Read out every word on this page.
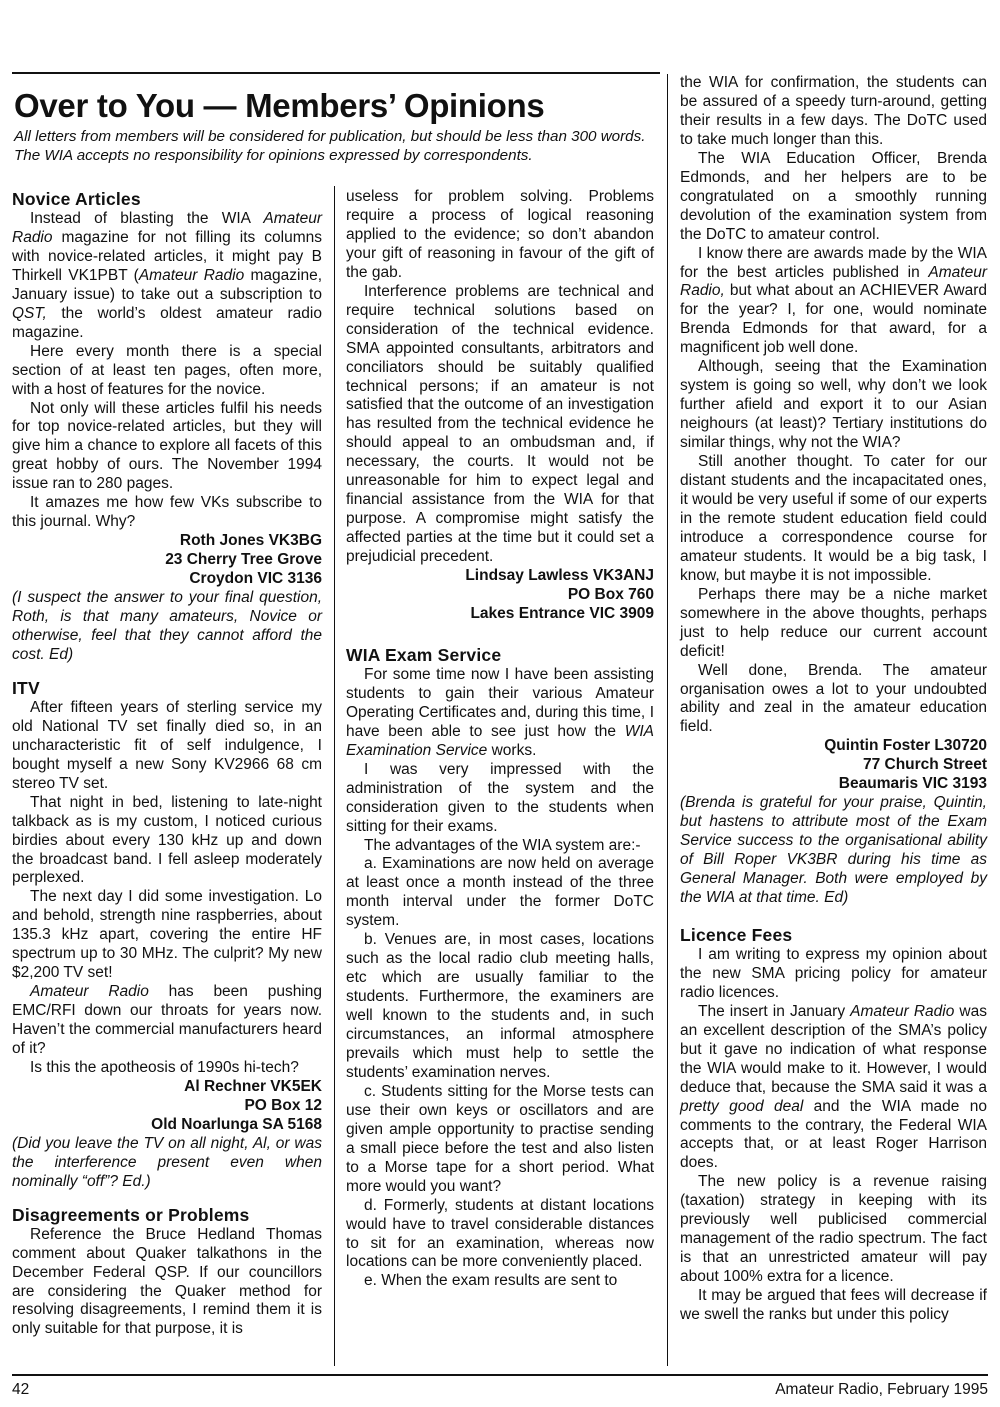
Over to You — Members’ Opinions

All letters from members will be considered for publication, but should be less than 300 words. The WIA accepts no responsibility for opinions expressed by correspondents.

Novice Articles

Instead of blasting the WIA Amateur Radio magazine for not filling its columns with novice-related articles, it might pay B Thirkell VK1PBT (Amateur Radio magazine, January issue) to take out a subscription to QST, the world’s oldest amateur radio magazine.

Here every month there is a special section of at least ten pages, often more, with a host of features for the novice.

Not only will these articles fulfil his needs for top novice-related articles, but they will give him a chance to explore all facets of this great hobby of ours. The November 1994 issue ran to 280 pages.

It amazes me how few VKs subscribe to this journal. Why?

Roth Jones VK3BG
23 Cherry Tree Grove
Croydon VIC 3136

(I suspect the answer to your final question, Roth, is that many amateurs, Novice or otherwise, feel that they cannot afford the cost. Ed)

ITV

After fifteen years of sterling service my old National TV set finally died so, in an uncharacteristic fit of self indulgence, I bought myself a new Sony KV2966 68 cm stereo TV set.

That night in bed, listening to late-night talkback as is my custom, I noticed curious birdies about every 130 kHz up and down the broadcast band. I fell asleep moderately perplexed.

The next day I did some investigation. Lo and behold, strength nine raspberries, about 135.3 kHz apart, covering the entire HF spectrum up to 30 MHz. The culprit? My new $2,200 TV set!

Amateur Radio has been pushing EMC/RFI down our throats for years now. Haven’t the commercial manufacturers heard of it?

Is this the apotheosis of 1990s hi-tech?

Al Rechner VK5EK
PO Box 12
Old Noarlunga SA 5168

(Did you leave the TV on all night, Al, or was the interference present even when nominally “off”? Ed.)

Disagreements or Problems

Reference the Bruce Hedland Thomas comment about Quaker talkathons in the December Federal QSP. If our councillors are considering the Quaker method for resolving disagreements, I remind them it is only suitable for that purpose, it is

useless for problem solving. Problems require a process of logical reasoning applied to the evidence; so don’t abandon your gift of reasoning in favour of the gift of the gab.

Interference problems are technical and require technical solutions based on consideration of the technical evidence. SMA appointed consultants, arbitrators and conciliators should be suitably qualified technical persons; if an amateur is not satisfied that the outcome of an investigation has resulted from the technical evidence he should appeal to an ombudsman and, if necessary, the courts. It would not be unreasonable for him to expect legal and financial assistance from the WIA for that purpose. A compromise might satisfy the affected parties at the time but it could set a prejudicial precedent.

Lindsay Lawless VK3ANJ
PO Box 760
Lakes Entrance VIC 3909
WIA Exam Service

For some time now I have been assisting students to gain their various Amateur Operating Certificates and, during this time, I have been able to see just how the WIA Examination Service works.

I was very impressed with the administration of the system and the consideration given to the students when sitting for their exams.

The advantages of the WIA system are:-

a. Examinations are now held on average at least once a month instead of the three month interval under the former DoTC system.

b. Venues are, in most cases, locations such as the local radio club meeting halls, etc which are usually familiar to the students. Furthermore, the examiners are well known to the students and, in such circumstances, an informal atmosphere prevails which must help to settle the students’ examination nerves.

c. Students sitting for the Morse tests can use their own keys or oscillators and are given ample opportunity to practise sending a small piece before the test and also listen to a Morse tape for a short period. What more would you want?

d. Formerly, students at distant locations would have to travel considerable distances to sit for an examination, whereas now locations can be more conveniently placed.

e. When the exam results are sent to

the WIA for confirmation, the students can be assured of a speedy turn-around, getting their results in a few days. The DoTC used to take much longer than this.

The WIA Education Officer, Brenda Edmonds, and her helpers are to be congratulated on a smoothly running devolution of the examination system from the DoTC to amateur control.

I know there are awards made by the WIA for the best articles published in Amateur Radio, but what about an ACHIEVER Award for the year? I, for one, would nominate Brenda Edmonds for that award, for a magnificent job well done.

Although, seeing that the Examination system is going so well, why don’t we look further afield and export it to our Asian neighours (at least)? Tertiary institutions do similar things, why not the WIA?

Still another thought. To cater for our distant students and the incapacitated ones, it would be very useful if some of our experts in the remote student education field could introduce a correspondence course for amateur students. It would be a big task, I know, but maybe it is not impossible.

Perhaps there may be a niche market somewhere in the above thoughts, perhaps just to help reduce our current account deficit!

Well done, Brenda. The amateur organisation owes a lot to your undoubted ability and zeal in the amateur education field.

Quintin Foster L30720
77 Church Street
Beaumaris VIC 3193

(Brenda is grateful for your praise, Quintin, but hastens to attribute most of the Exam Service success to the organisational ability of Bill Roper VK3BR during his time as General Manager. Both were employed by the WIA at that time. Ed)

Licence Fees

I am writing to express my opinion about the new SMA pricing policy for amateur radio licences.

The insert in January Amateur Radio was an excellent description of the SMA’s policy but it gave no indication of what response the WIA would make to it. However, I would deduce that, because the SMA said it was a pretty good deal and the WIA made no comments to the contrary, the Federal WIA accepts that, or at least Roger Harrison does.

The new policy is a revenue raising (taxation) strategy in keeping with its previously well publicised commercial management of the radio spectrum. The fact is that an unrestricted amateur will pay about 100% extra for a licence.

It may be argued that fees will decrease if we swell the ranks but under this policy

42	Amateur Radio, February 1995
